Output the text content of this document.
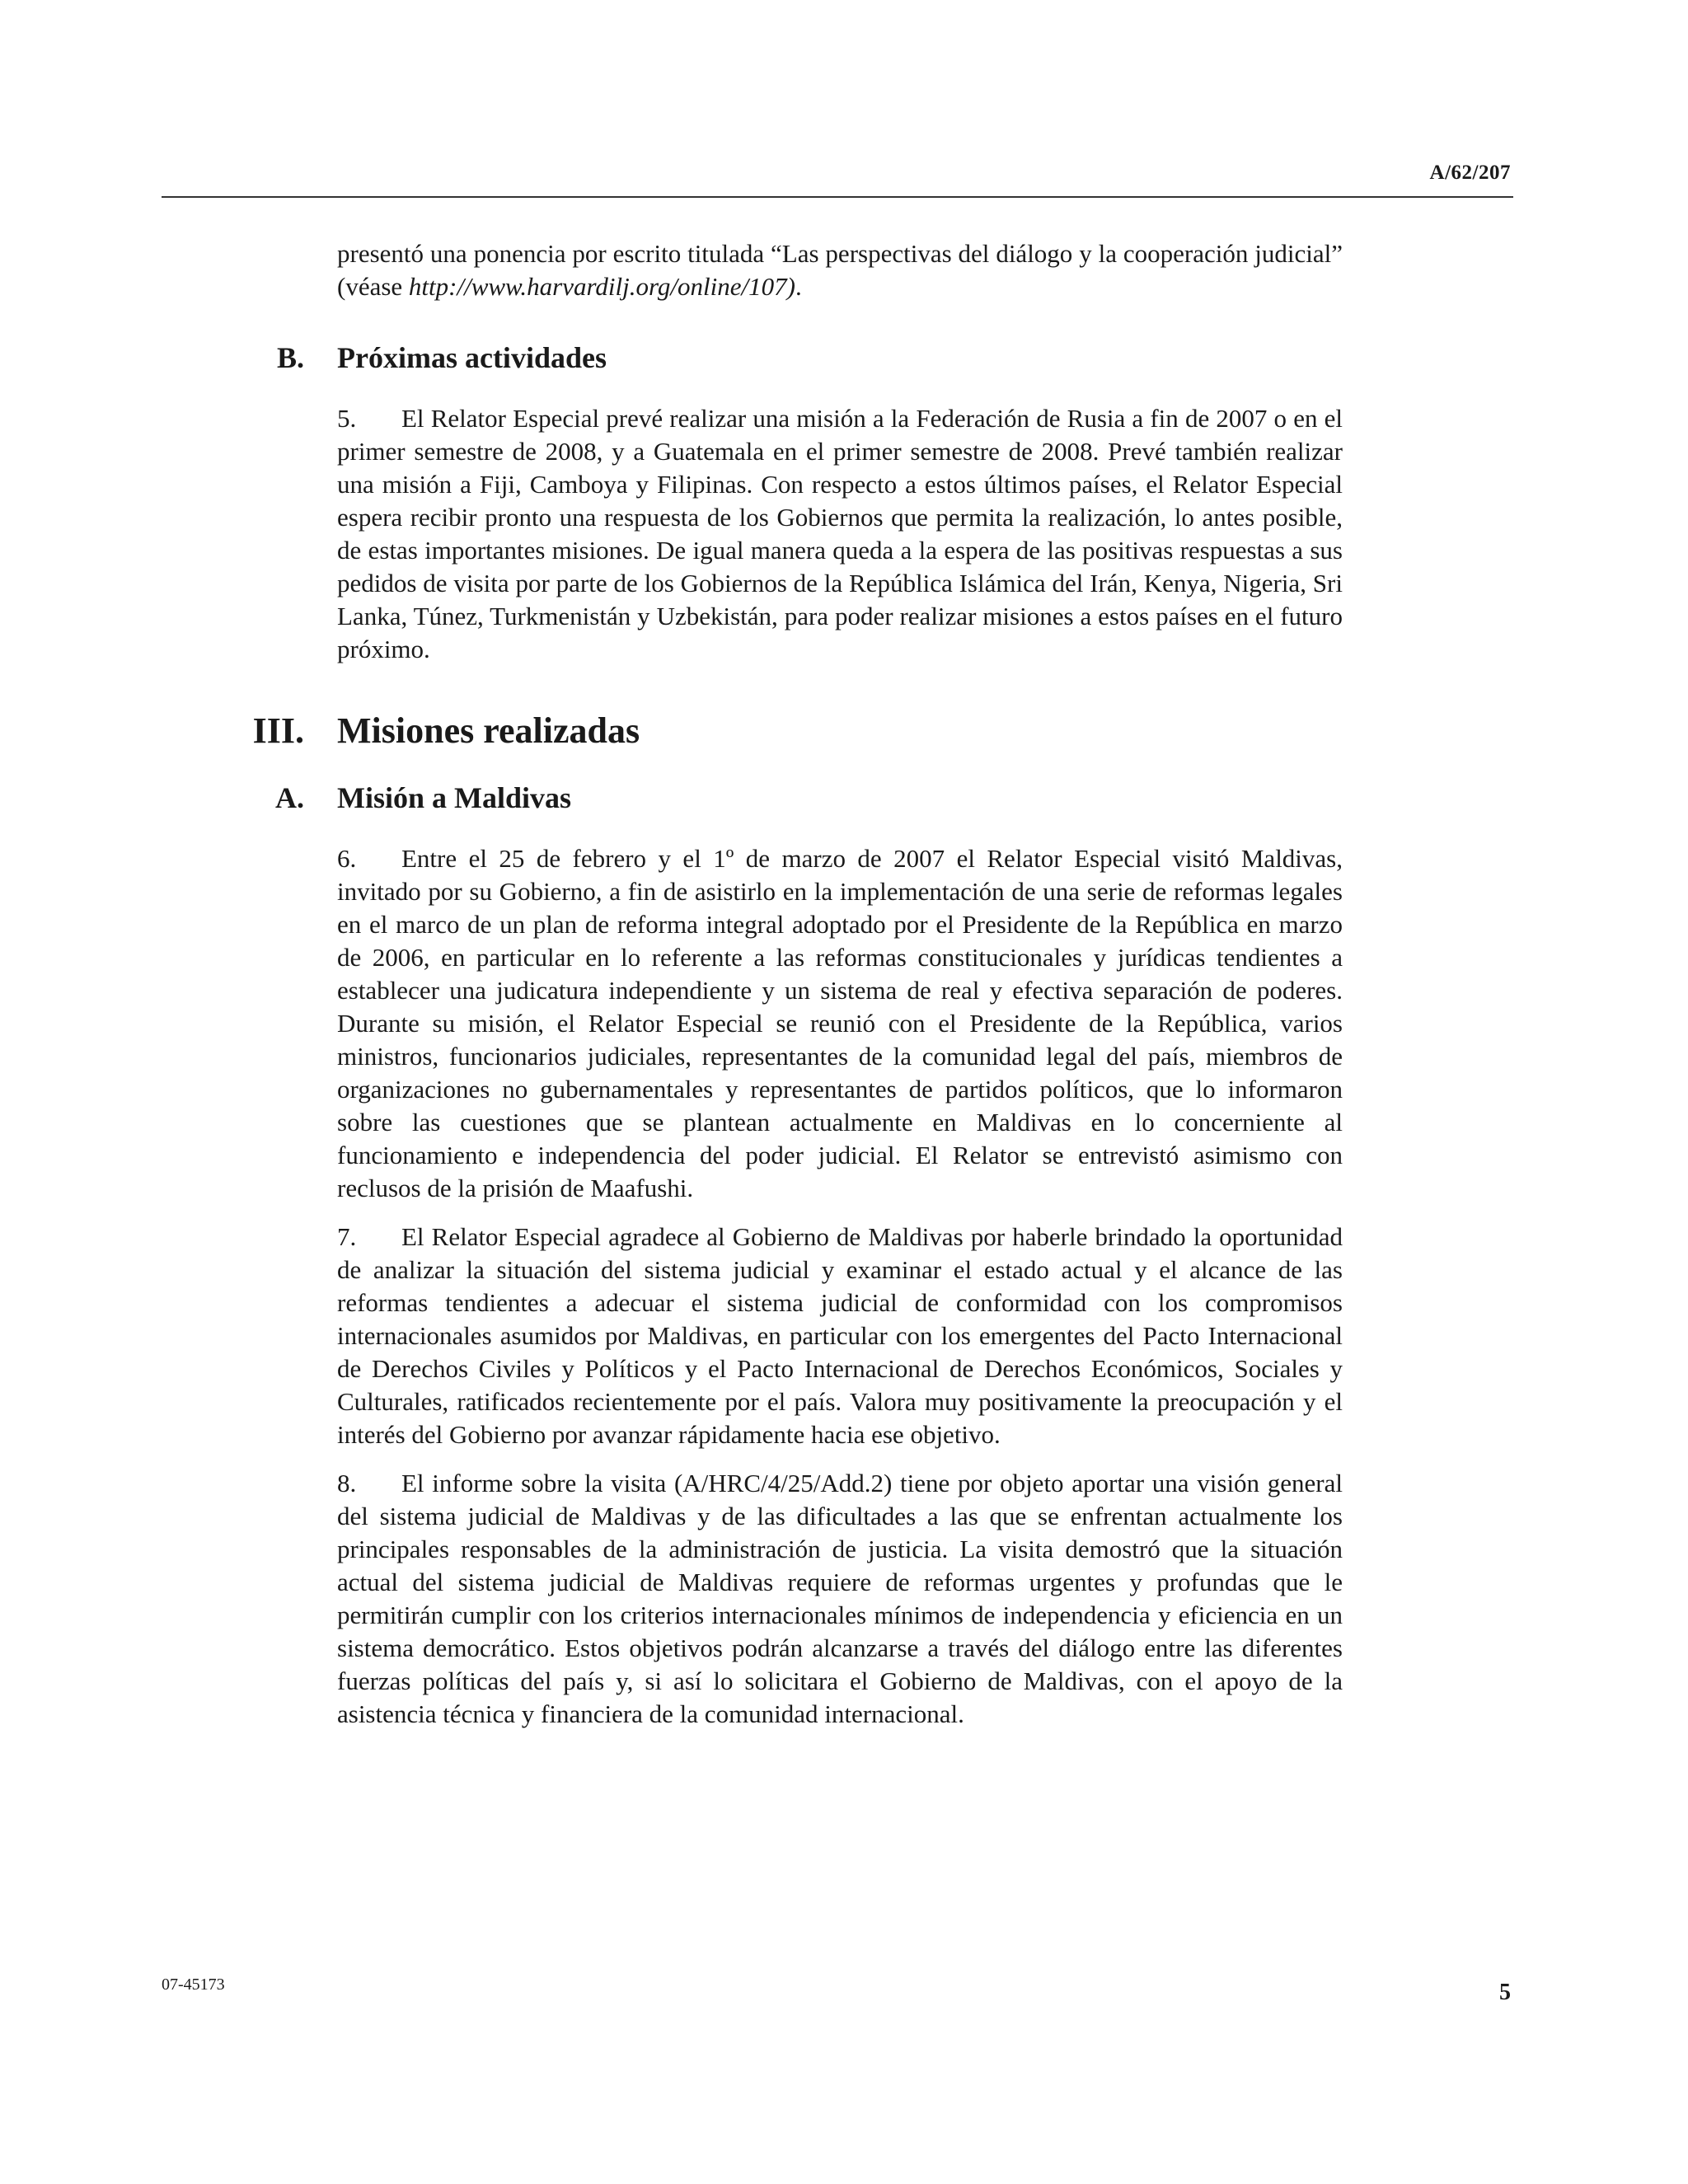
A/62/207

presentó una ponencia por escrito titulada “Las perspectivas del diálogo y la cooperación judicial” (véase http://www.harvardilj.org/online/107).

B.	Próximas actividades

5. El Relator Especial prevé realizar una misión a la Federación de Rusia a fin de 2007 o en el primer semestre de 2008, y a Guatemala en el primer semestre de 2008. Prevé también realizar una misión a Fiji, Camboya y Filipinas. Con respecto a estos últimos países, el Relator Especial espera recibir pronto una respuesta de los Gobiernos que permita la realización, lo antes posible, de estas importantes misiones. De igual manera queda a la espera de las positivas respuestas a sus pedidos de visita por parte de los Gobiernos de la República Islámica del Irán, Kenya, Nigeria, Sri Lanka, Túnez, Turkmenistán y Uzbekistán, para poder realizar misiones a estos países en el futuro próximo.

III. Misiones realizadas
A.	Misión a Maldivas

6. Entre el 25 de febrero y el 1º de marzo de 2007 el Relator Especial visitó Maldivas, invitado por su Gobierno, a fin de asistirlo en la implementación de una serie de reformas legales en el marco de un plan de reforma integral adoptado por el Presidente de la República en marzo de 2006, en particular en lo referente a las reformas constitucionales y jurídicas tendientes a establecer una judicatura independiente y un sistema de real y efectiva separación de poderes. Durante su misión, el Relator Especial se reunió con el Presidente de la República, varios ministros, funcionarios judiciales, representantes de la comunidad legal del país, miembros de organizaciones no gubernamentales y representantes de partidos políticos, que lo informaron sobre las cuestiones que se plantean actualmente en Maldivas en lo concerniente al funcionamiento e independencia del poder judicial. El Relator se entrevistó asimismo con reclusos de la prisión de Maafushi.

7. El Relator Especial agradece al Gobierno de Maldivas por haberle brindado la oportunidad de analizar la situación del sistema judicial y examinar el estado actual y el alcance de las reformas tendientes a adecuar el sistema judicial de conformidad con los compromisos internacionales asumidos por Maldivas, en particular con los emergentes del Pacto Internacional de Derechos Civiles y Políticos y el Pacto Internacional de Derechos Económicos, Sociales y Culturales, ratificados recientemente por el país. Valora muy positivamente la preocupación y el interés del Gobierno por avanzar rápidamente hacia ese objetivo.

8. El informe sobre la visita (A/HRC/4/25/Add.2) tiene por objeto aportar una visión general del sistema judicial de Maldivas y de las dificultades a las que se enfrentan actualmente los principales responsables de la administración de justicia. La visita demostró que la situación actual del sistema judicial de Maldivas requiere de reformas urgentes y profundas que le permitirán cumplir con los criterios internacionales mínimos de independencia y eficiencia en un sistema democrático. Estos objetivos podrán alcanzarse a través del diálogo entre las diferentes fuerzas políticas del país y, si así lo solicitara el Gobierno de Maldivas, con el apoyo de la asistencia técnica y financiera de la comunidad internacional.

07-45173	5
